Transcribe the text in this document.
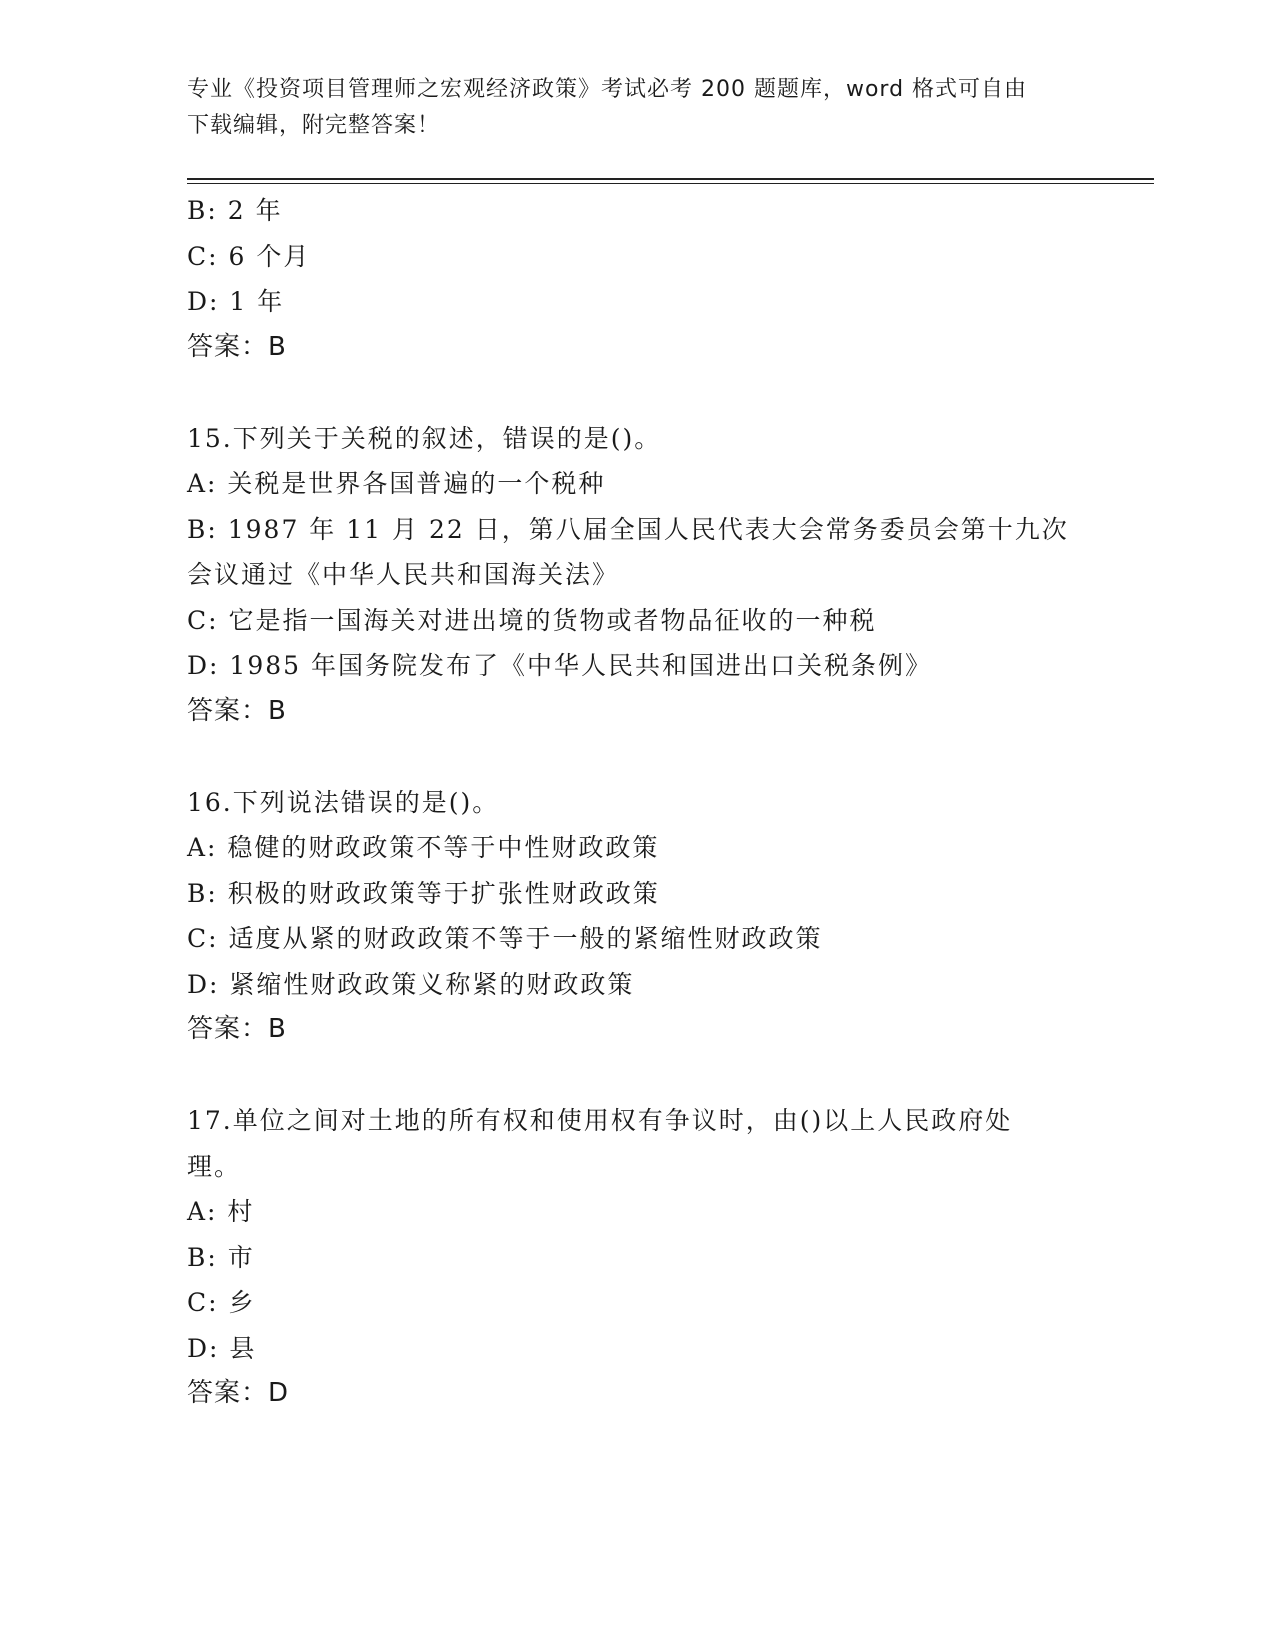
专业《投资项目管理师之宏观经济政策》考试必考 200 题题库，word 格式可自由
下载编辑，附完整答案！
B: 2 年
C: 6 个月
D: 1 年
答案：B
15.下列关于关税的叙述，错误的是()。
A: 关税是世界各国普遍的一个税种
B: 1987 年 11 月 22 日，第八届全国人民代表大会常务委员会第十九次
会议通过《中华人民共和国海关法》
C: 它是指一国海关对进出境的货物或者物品征收的一种税
D: 1985 年国务院发布了《中华人民共和国进出口关税条例》
答案：B
16.下列说法错误的是()。
A: 稳健的财政政策不等于中性财政政策
B: 积极的财政政策等于扩张性财政政策
C: 适度从紧的财政政策不等于一般的紧缩性财政政策
D: 紧缩性财政政策义称紧的财政政策
答案：B
17.单位之间对土地的所有权和使用权有争议时，由()以上人民政府处
理。
A: 村
B: 市
C: 乡
D: 县
答案：D
